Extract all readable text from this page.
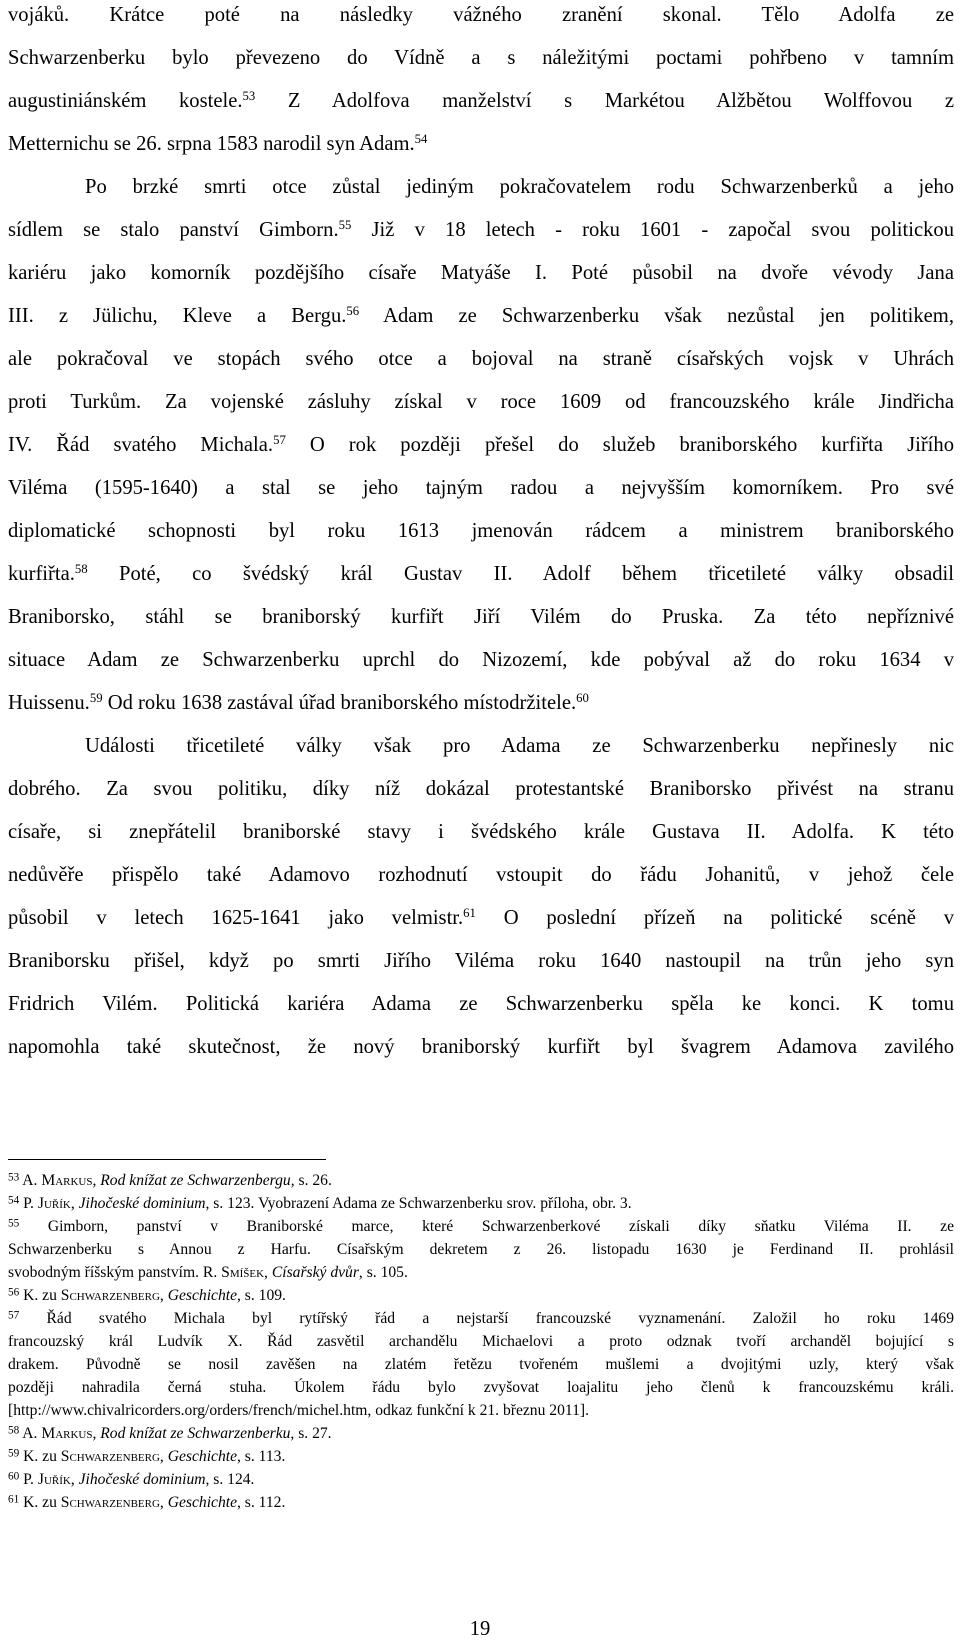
vojáků. Krátce poté na následky vážného zranění skonal. Tělo Adolfa ze
Schwarzenberku bylo převezeno do Vídně a s náležitými poctami pohřbeno v tamním
augustiniánském kostele.$^{53}$ Z Adolfova manželství s Markétou Alžbětou Wolffovou z
Metternichu se 26. srpna 1583 narodil syn Adam.$^{54}$
Po brzké smrti otce zůstal jediným pokračovatelem rodu Schwarzenberků a jeho
sídlem se stalo panství Gimborn.$^{55}$ Již v 18 letech - roku 1601 - započal svou politickou
kariéru jako komorník pozdějšího císaře Matyáše I. Poté působil na dvoře vévody Jana
III. z Jülichu, Kleve a Bergu.$^{56}$ Adam ze Schwarzenberku však nezůstal jen politikem,
ale pokračoval ve stopách svého otce a bojoval na straně císařských vojsk v Uhrách
proti Turkům. Za vojenské zásluhy získal v roce 1609 od francouzského krále Jindřicha
IV. Řád svatého Michala.$^{57}$ O rok později přešel do služeb braniborského kurfiřta Jiřího
Viléma (1595-1640) a stal se jeho tajným radou a nejvyšším komorníkem. Pro své
diplomatické schopnosti byl roku 1613 jmenován rádcem a ministrem braniborského
kurfiřta.$^{58}$ Poté, co švédský král Gustav II. Adolf během třicetileté války obsadil
Braniborsko, stáhl se braniborský kurfiřt Jiří Vilém do Pruska. Za této nepříznivé
situace Adam ze Schwarzenberku uprchl do Nizozemí, kde pobýval až do roku 1634 v
Huissenu.$^{59}$ Od roku 1638 zastával úřad braniborského místodržitele.$^{60}$
Události třicetileté války však pro Adama ze Schwarzenberku nepřinesly nic
dobrého. Za svou politiku, díky níž dokázal protestantské Braniborsko přivést na stranu
císaře, si znepřátelil braniborské stavy i švédského krále Gustava II. Adolfa. K této
nedůvěře přispělo také Adamovo rozhodnutí vstoupit do řádu Johanitů, v jehož čele
působil v letech 1625-1641 jako velmistr.$^{61}$ O poslední přízeň na politické scéně v
Braniborsku přišel, když po smrti Jiřího Viléma roku 1640 nastoupil na trůn jeho syn
Fridrich Vilém. Politická kariéra Adama ze Schwarzenberku spěla ke konci. K tomu
napomohla také skutečnost, že nový braniborský kurfiřt byl švagrem Adamova zavilého
$^{53}$ A. Markus, Rod knížat ze Schwarzenbergu, s. 26.
$^{54}$ P. Juřík, Jihočeské dominium, s. 123. Vyobrazení Adama ze Schwarzenberku srov. příloha, obr. 3.
$^{55}$ Gimborn, panství v Braniborské marce, které Schwarzenberkové získali díky sňatku Viléma II. ze
Schwarzenberku s Annou z Harfu. Císařským dekretem z 26. listopadu 1630 je Ferdinand II. prohlásil
svobodným říšským panstvím. R. Smíšek, Císařský dvůr, s. 105.
$^{56}$ K. zu Schwarzenberg, Geschichte, s. 109.
$^{57}$ Řád svatého Michala byl rytířský řád a nejstarší francouzské vyznamenání. Založil ho roku 1469
francouzský král Ludvík X. Řád zasvětil archandělu Michaelovi a proto odznak tvoří archanděl bojující s
drakem. Původně se nosil zavěšen na zlatém řetězu tvořeném mušlemi a dvojitými uzly, který však
později nahradila černá stuha. Úkolem řádu bylo zvyšovat loajalitu jeho členů k francouzskému králi.
[http://www.chivalricorders.org/orders/french/michel.htm, odkaz funkční k 21. březnu 2011].
$^{58}$ A. Markus, Rod knížat ze Schwarzenberku, s. 27.
$^{59}$ K. zu Schwarzenberg, Geschichte, s. 113.
$^{60}$ P. Juřík, Jihočeské dominium, s. 124.
$^{61}$ K. zu Schwarzenberg, Geschichte, s. 112.
19
